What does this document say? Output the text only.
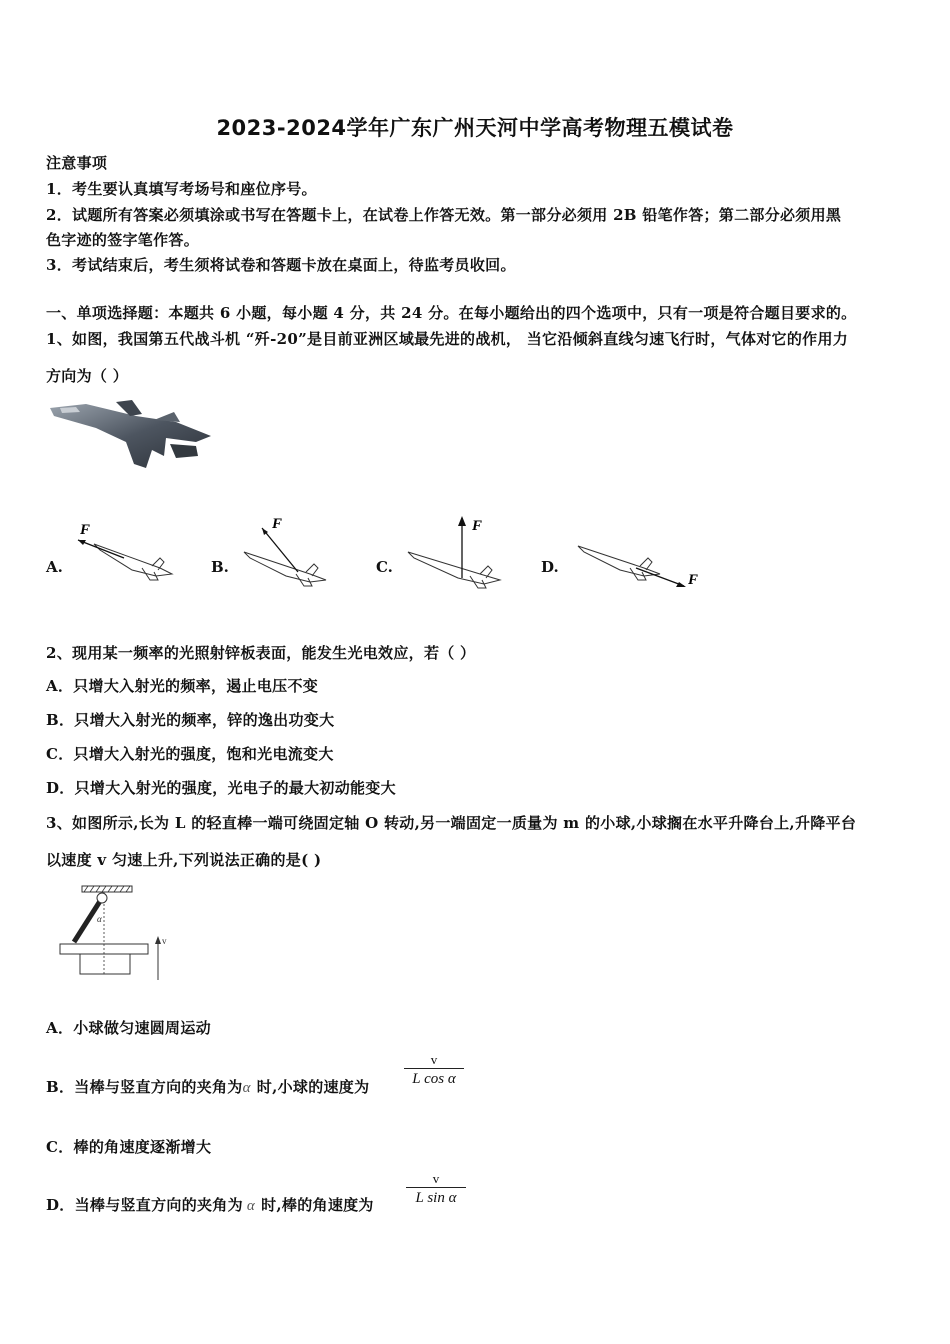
2023-2024学年广东广州天河中学高考物理五模试卷
注意事项
1．考生要认真填写考场号和座位序号。
2．试题所有答案必须填涂或书写在答题卡上，在试卷上作答无效。第一部分必须用 2B 铅笔作答；第二部分必须用黑
色字迹的签字笔作答。
3．考试结束后，考生须将试卷和答题卡放在桌面上，待监考员收回。
一、单项选择题：本题共 6 小题，每小题 4 分，共 24 分。在每小题给出的四个选项中，只有一项是符合题目要求的。
1、如图，我国第五代战斗机 “歼-20”是目前亚洲区域最先进的战机， 当它沿倾斜直线匀速飞行时，气体对它的作用力
方向为（ ）
A.
F
B.
F
C.
F
D.
F
2、现用某一频率的光照射锌板表面，能发生光电效应，若（ ）
A．只增大入射光的频率，遏止电压不变
B．只增大入射光的频率，锌的逸出功变大
C．只增大入射光的强度，饱和光电流变大
D．只增大入射光的强度，光电子的最大初动能变大
3、如图所示,长为 L 的轻直棒一端可绕固定轴 O 转动,另一端固定一质量为 m 的小球,小球搁在水平升降台上,升降平台
以速度 v 匀速上升,下列说法正确的是( )
α
v
A．小球做匀速圆周运动
B．当棒与竖直方向的夹角为α 时,小球的速度为
v
L cos α
C．棒的角速度逐渐增大
D．当棒与竖直方向的夹角为 α 时,棒的角速度为
v
L sin α
